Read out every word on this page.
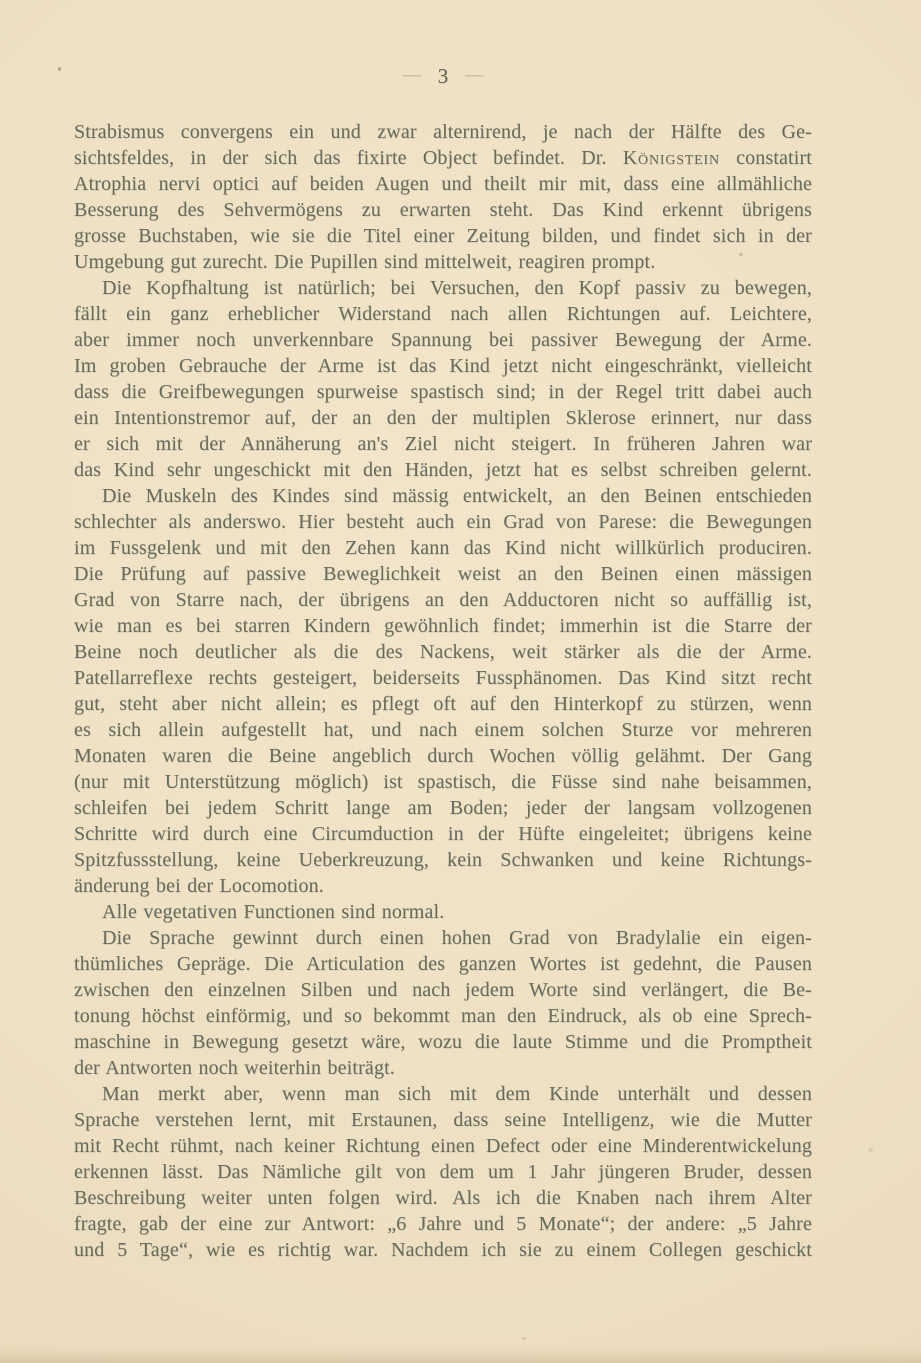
— 3 —
Strabismus convergens ein und zwar alternirend, je nach der Hälfte des Ge-
sichtsfeldes, in der sich das fixirte Object befindet. Dr. Königstein constatirt
Atrophia nervi optici auf beiden Augen und theilt mir mit, dass eine allmähliche
Besserung des Sehvermögens zu erwarten steht. Das Kind erkennt übrigens
grosse Buchstaben, wie sie die Titel einer Zeitung bilden, und findet sich in der
Umgebung gut zurecht. Die Pupillen sind mittelweit, reagiren prompt.
Die Kopfhaltung ist natürlich; bei Versuchen, den Kopf passiv zu bewegen,
fällt ein ganz erheblicher Widerstand nach allen Richtungen auf. Leichtere,
aber immer noch unverkennbare Spannung bei passiver Bewegung der Arme.
Im groben Gebrauche der Arme ist das Kind jetzt nicht eingeschränkt, vielleicht
dass die Greifbewegungen spurweise spastisch sind; in der Regel tritt dabei auch
ein Intentionstremor auf, der an den der multiplen Sklerose erinnert, nur dass
er sich mit der Annäherung an's Ziel nicht steigert. In früheren Jahren war
das Kind sehr ungeschickt mit den Händen, jetzt hat es selbst schreiben gelernt.
Die Muskeln des Kindes sind mässig entwickelt, an den Beinen entschieden
schlechter als anderswo. Hier besteht auch ein Grad von Parese: die Bewegungen
im Fussgelenk und mit den Zehen kann das Kind nicht willkürlich produciren.
Die Prüfung auf passive Beweglichkeit weist an den Beinen einen mässigen
Grad von Starre nach, der übrigens an den Adductoren nicht so auffällig ist,
wie man es bei starren Kindern gewöhnlich findet; immerhin ist die Starre der
Beine noch deutlicher als die des Nackens, weit stärker als die der Arme.
Patellarreflexe rechts gesteigert, beiderseits Fussphänomen. Das Kind sitzt recht
gut, steht aber nicht allein; es pflegt oft auf den Hinterkopf zu stürzen, wenn
es sich allein aufgestellt hat, und nach einem solchen Sturze vor mehreren
Monaten waren die Beine angeblich durch Wochen völlig gelähmt. Der Gang
(nur mit Unterstützung möglich) ist spastisch, die Füsse sind nahe beisammen,
schleifen bei jedem Schritt lange am Boden; jeder der langsam vollzogenen
Schritte wird durch eine Circumduction in der Hüfte eingeleitet; übrigens keine
Spitzfussstellung, keine Ueberkreuzung, kein Schwanken und keine Richtungs-
änderung bei der Locomotion.
Alle vegetativen Functionen sind normal.
Die Sprache gewinnt durch einen hohen Grad von Bradylalie ein eigen-
thümliches Gepräge. Die Articulation des ganzen Wortes ist gedehnt, die Pausen
zwischen den einzelnen Silben und nach jedem Worte sind verlängert, die Be-
tonung höchst einförmig, und so bekommt man den Eindruck, als ob eine Sprech-
maschine in Bewegung gesetzt wäre, wozu die laute Stimme und die Promptheit
der Antworten noch weiterhin beiträgt.
Man merkt aber, wenn man sich mit dem Kinde unterhält und dessen
Sprache verstehen lernt, mit Erstaunen, dass seine Intelligenz, wie die Mutter
mit Recht rühmt, nach keiner Richtung einen Defect oder eine Minderentwickelung
erkennen lässt. Das Nämliche gilt von dem um 1 Jahr jüngeren Bruder, dessen
Beschreibung weiter unten folgen wird. Als ich die Knaben nach ihrem Alter
fragte, gab der eine zur Antwort: „6 Jahre und 5 Monate“; der andere: „5 Jahre
und 5 Tage“, wie es richtig war. Nachdem ich sie zu einem Collegen geschickt
